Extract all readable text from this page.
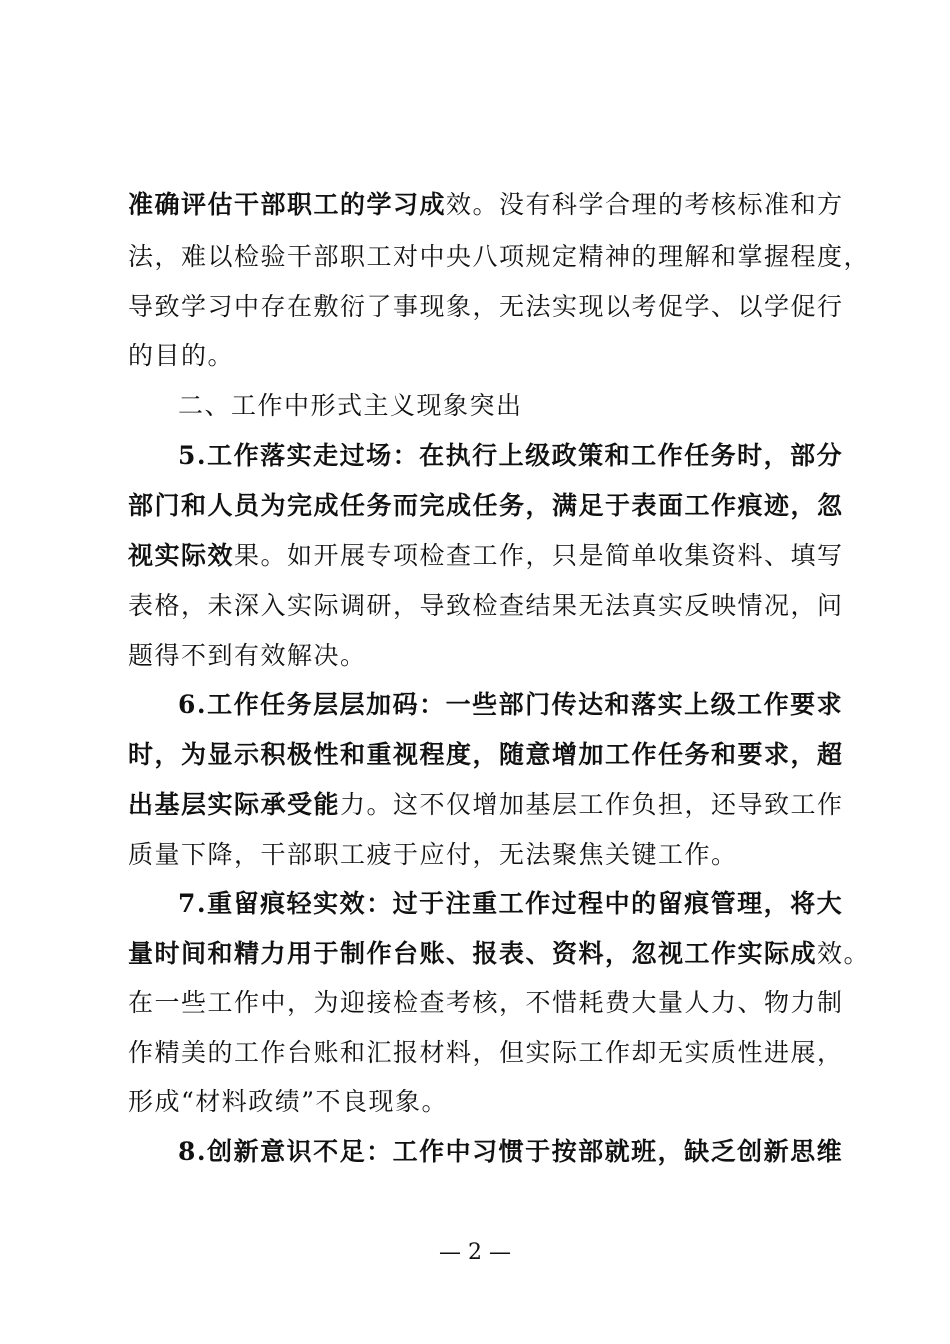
准确评估干部职工的学习成效。没有科学合理的考核标准和方
法，难以检验干部职工对中央八项规定精神的理解和掌握程度，
导致学习中存在敷衍了事现象，无法实现以考促学、以学促行
的目的。
二、工作中形式主义现象突出
5.工作落实走过场：在执行上级政策和工作任务时，部分
部门和人员为完成任务而完成任务，满足于表面工作痕迹，忽
视实际效果。如开展专项检查工作，只是简单收集资料、填写
表格，未深入实际调研，导致检查结果无法真实反映情况，问
题得不到有效解决。
6.工作任务层层加码：一些部门传达和落实上级工作要求
时，为显示积极性和重视程度，随意增加工作任务和要求，超
出基层实际承受能力。这不仅增加基层工作负担，还导致工作
质量下降，干部职工疲于应付，无法聚焦关键工作。
7.重留痕轻实效：过于注重工作过程中的留痕管理，将大
量时间和精力用于制作台账、报表、资料，忽视工作实际成效。
在一些工作中，为迎接检查考核，不惜耗费大量人力、物力制
作精美的工作台账和汇报材料，但实际工作却无实质性进展，
形成“材料政绩”不良现象。
8.创新意识不足：工作中习惯于按部就班，缺乏创新思维
— 2 —
